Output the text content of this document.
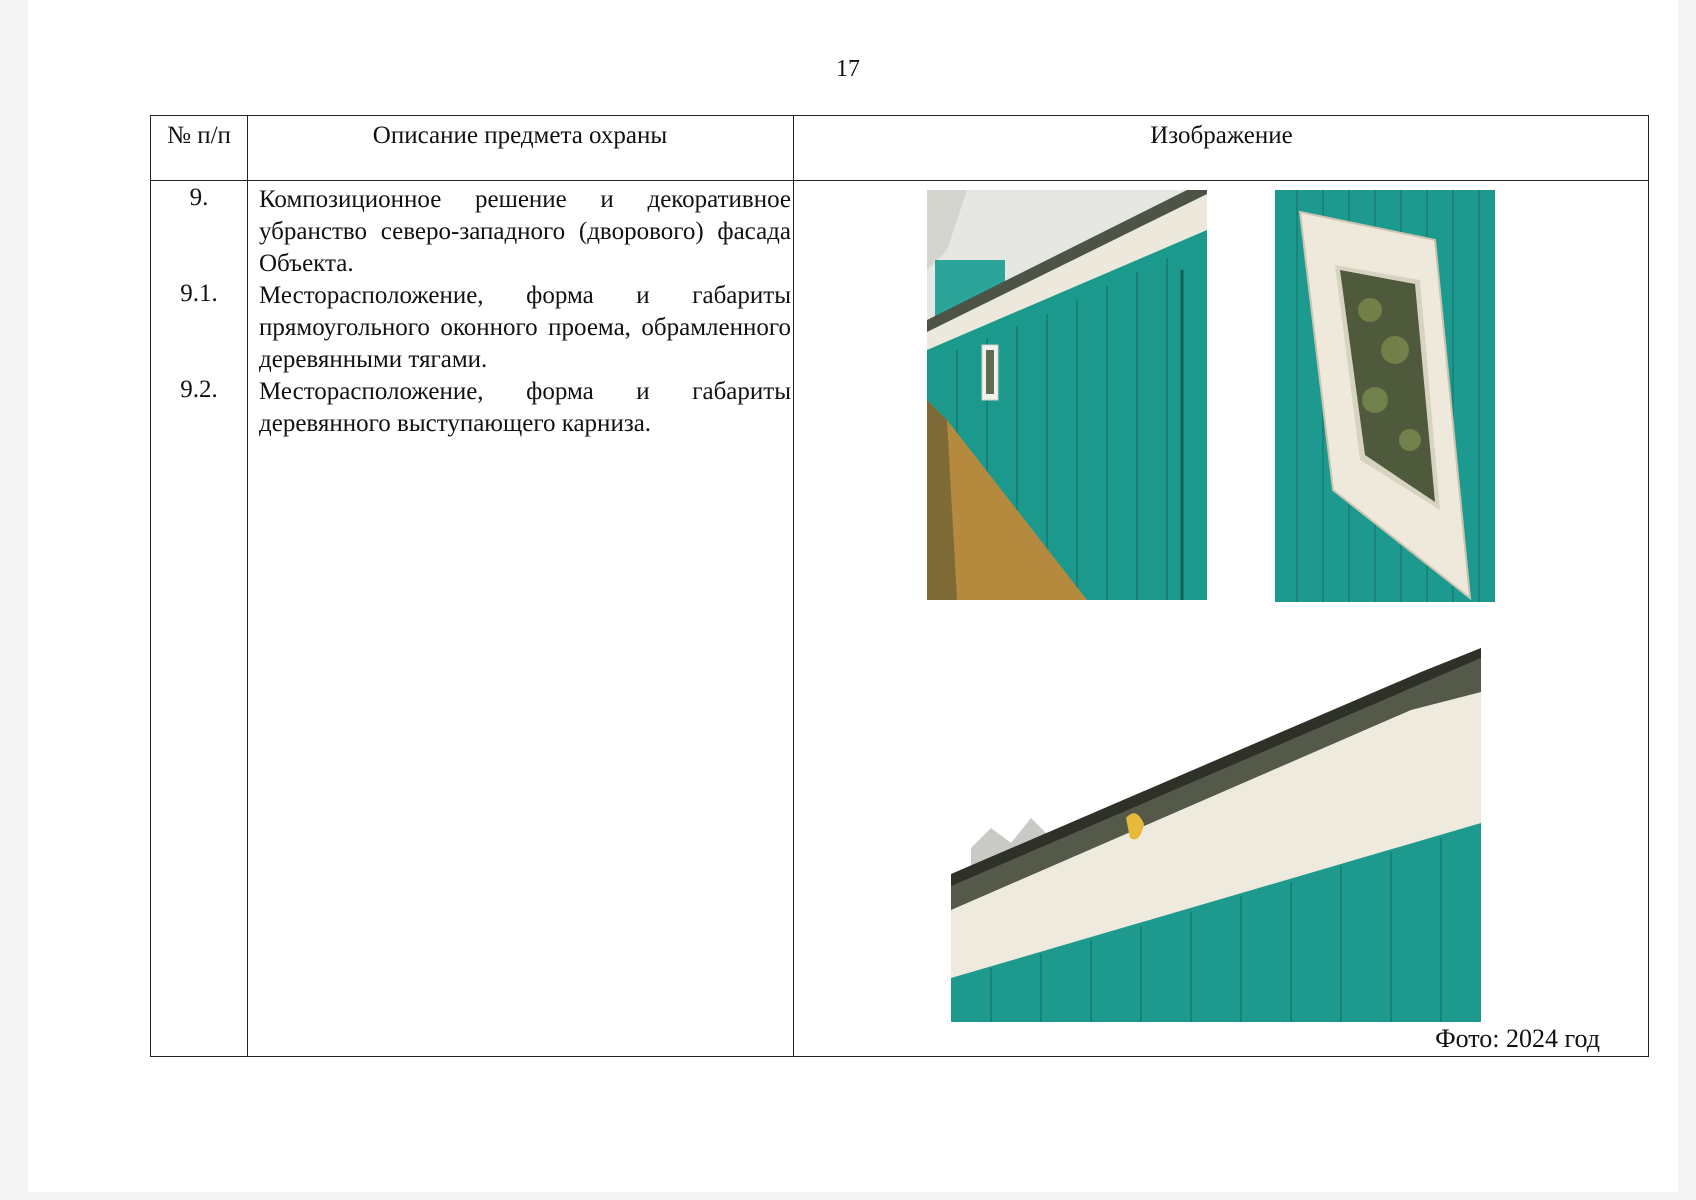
17
№ п/п	Описание предмета охраны	Изображение
9.	Композиционное решение и декоративное убранство северо-западного (дворового) фасада Объекта.
9.1.	Месторасположение, форма и габариты прямоугольного оконного проема, обрамленного деревянными тягами.
9.2.	Месторасположение, форма и габариты деревянного выступающего карниза.
Фото: 2024 год
